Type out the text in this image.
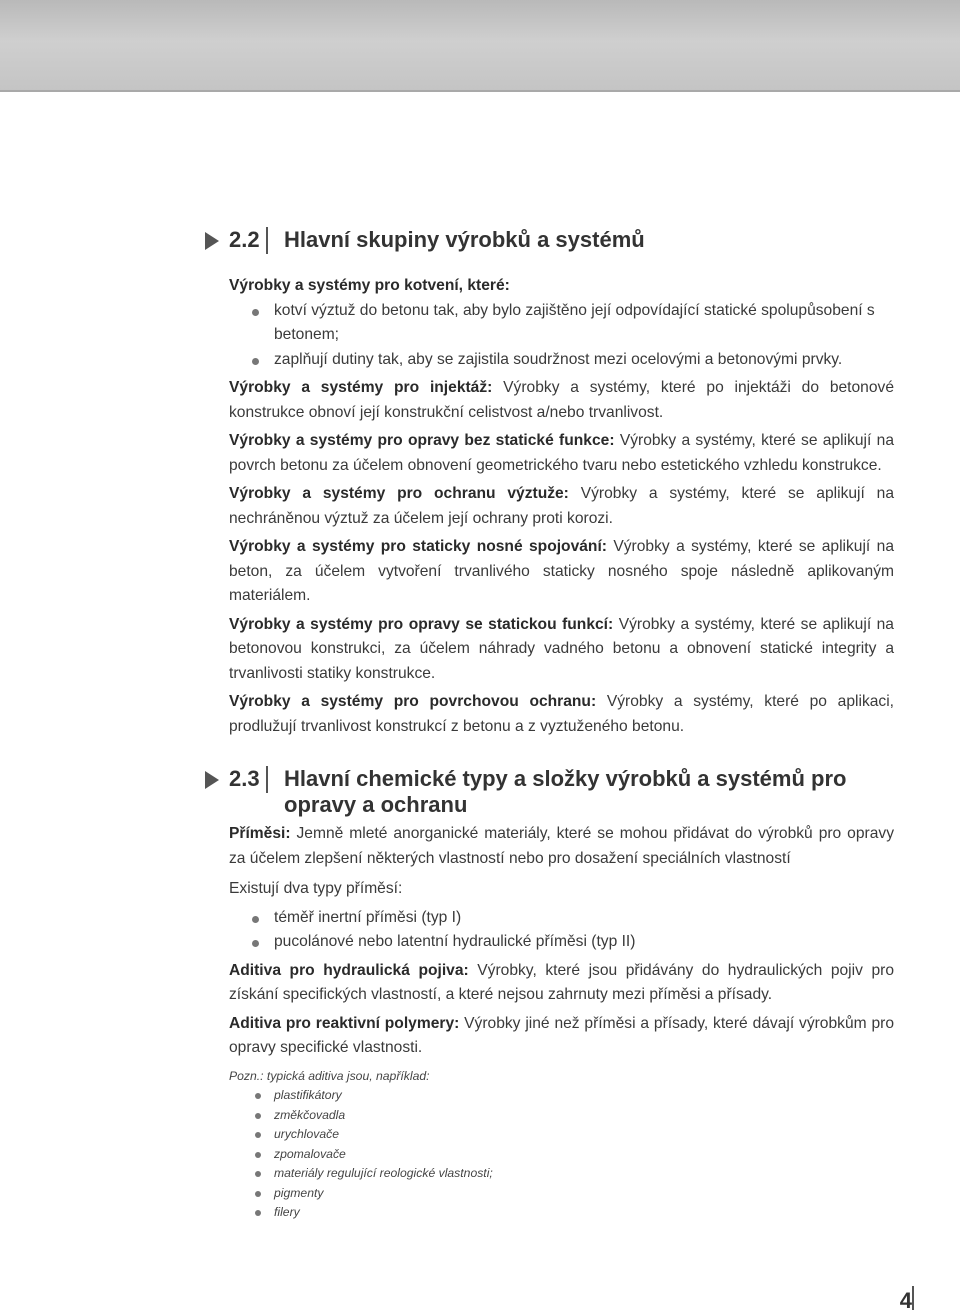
2.2 Hlavní skupiny výrobků a systémů

Výrobky a systémy pro kotvení, které:

kotví výztuž do betonu tak, aby bylo zajištěno její odpovídající statické spolupůsobení s betonem;
zaplňují dutiny tak, aby se zajistila soudržnost mezi ocelovými a betonovými prvky.

Výrobky a systémy pro injektáž: Výrobky a systémy, které po injektáži do betonové konstrukce obnoví její konstrukční celistvost a/nebo trvanlivost.

Výrobky a systémy pro opravy bez statické funkce: Výrobky a systémy, které se aplikují na povrch betonu za účelem obnovení geometrického tvaru nebo estetického vzhledu konstrukce.

Výrobky a systémy pro ochranu výztuže: Výrobky a systémy, které se aplikují na nechráněnou výztuž za účelem její ochrany proti korozi.

Výrobky a systémy pro staticky nosné spojování: Výrobky a systémy, které se aplikují na beton, za účelem vytvoření trvanlivého staticky nosného spoje následně aplikovaným materiálem.

Výrobky a systémy pro opravy se statickou funkcí: Výrobky a systémy, které se aplikují na betonovou konstrukci, za účelem náhrady vadného betonu a obnovení statické integrity a trvanlivosti statiky konstrukce.

Výrobky a systémy pro povrchovou ochranu: Výrobky a systémy, které po aplikaci, prodlužují trvanlivost konstrukcí z betonu a z vyztuženého betonu.

2.3 Hlavní chemické typy a složky výrobků a systémů pro opravy a ochranu

Příměsi: Jemně mleté anorganické materiály, které se mohou přidávat do výrobků pro opravy za účelem zlepšení některých vlastností nebo pro dosažení speciálních vlastností

Existují dva typy příměsí:

téměř inertní příměsi (typ I)
pucolánové nebo latentní hydraulické příměsi (typ II)

Aditiva pro hydraulická pojiva: Výrobky, které jsou přidávány do hydraulických pojiv pro získání specifických vlastností, a které nejsou zahrnuty mezi příměsi a přísady.

Aditiva pro reaktivní polymery: Výrobky jiné než příměsi a přísady, které dávají výrobkům pro opravy specifické vlastnosti.

Pozn.: typická aditiva jsou, například:

plastifikátory
změkčovadla
urychlovače
zpomalovače
materiály regulující reologické vlastnosti;
pigmenty
filery
4
